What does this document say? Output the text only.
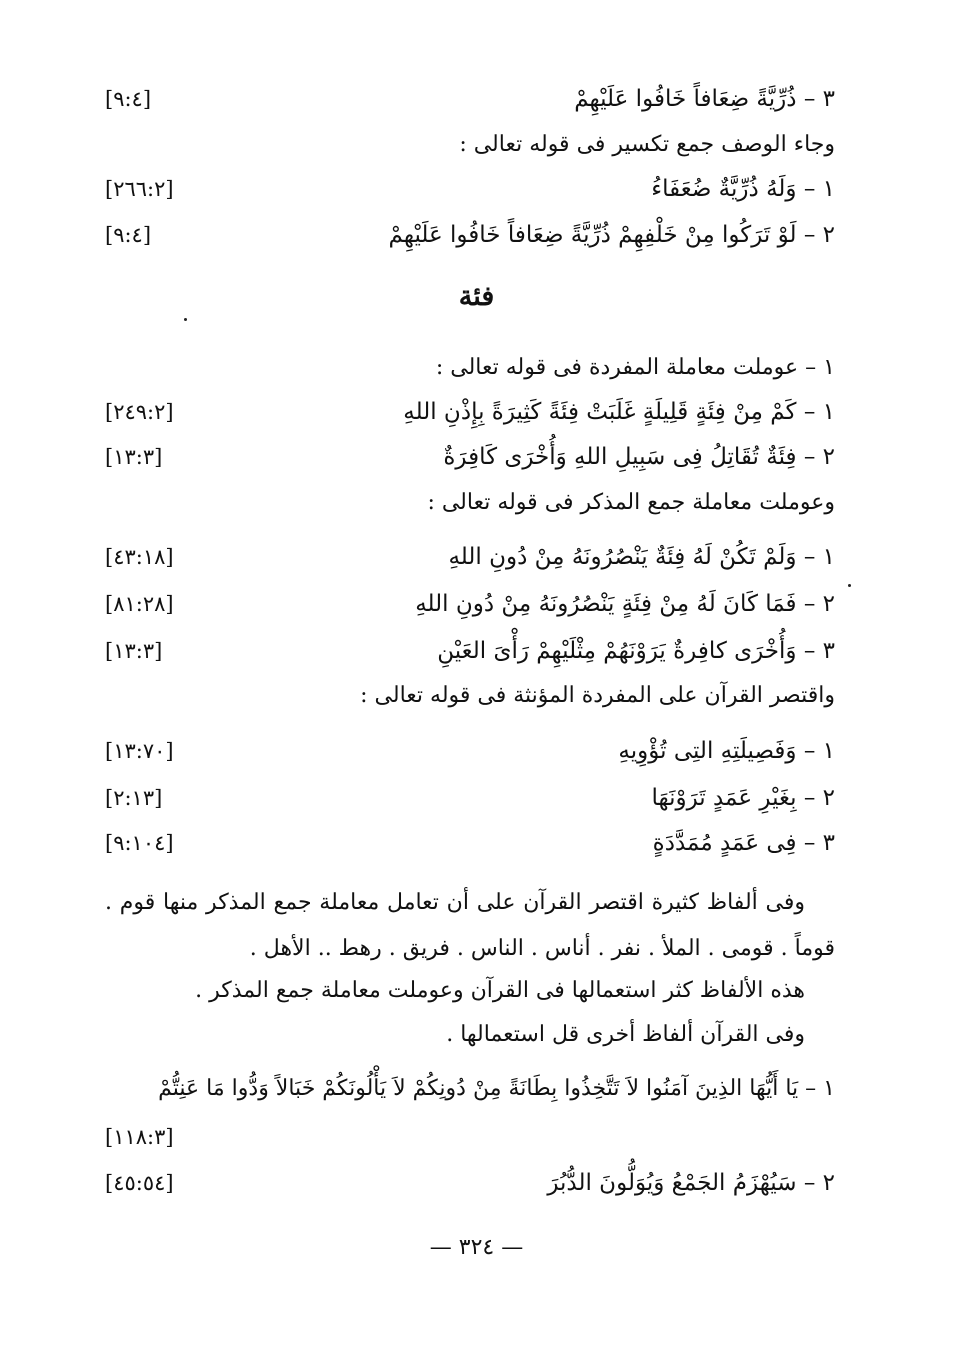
٣ – ذُرِّيَّةً ضِعَافاً خَافُوا عَلَيْهِمْ
[٩:٤]
وجاء الوصف جمع تكسير فى قوله تعالى :
١ – وَلَهُ ذُرِّيَّةٌ ضُعَفَاءُ
[٢٦٦:٢]
٢ – لَوْ تَرَكُوا مِنْ خَلْفِهِمْ ذُرِّيَّةً ضِعَافاً خَافُوا عَلَيْهِمْ
[٩:٤]
فئة
١ – عوملت معاملة المفردة فى قوله تعالى :
١ – كَمْ مِنْ فِئَةٍ قَلِيلَةٍ غَلَبَتْ فِئَةً كَثِيرَةً بِإِذْنِ اللهِ
[٢٤٩:٢]
٢ – فِئَةٌ تُقَاتِلُ فِى سَبِيلِ اللهِ وَأُخْرَى كَافِرَةٌ
[١٣:٣]
وعوملت معاملة جمع المذكر فى قوله تعالى :
١ – وَلَمْ تَكُنْ لَهُ فِئَةٌ يَنْصُرُونَهُ مِنْ دُونِ اللهِ
[٤٣:١٨]
٢ – فَمَا كَانَ لَهُ مِنْ فِئَةٍ يَنْصُرُونَهُ مِنْ دُونِ اللهِ
[٨١:٢٨]
٣ – وَأُخْرَى كافِرةٌ يَرَوْنَهُمْ مِثْلَيْهِمْ رَأْىَ العَيْنِ
[١٣:٣]
واقتصر القرآن على المفردة المؤنثة فى قوله تعالى :
١ – وَفَصِيلَتِهِ التِى تُؤْوِيهِ
[١٣:٧٠]
٢ – بِغَيْرِ عَمَدٍ تَرَوْنَهَا
[٢:١٣]
٣ – فِى عَمَدٍ مُمَدَّدَةٍ
[٩:١٠٤]
وفى ألفاظ كثيرة اقتصر القرآن على أن تعامل معاملة جمع المذكر منها قوم . قوماً . قومى . الملأ . نفر . أناس . الناس . فريق . رهط .. الأهل .
هذه الألفاظ كثر استعمالها فى القرآن وعوملت معاملة جمع المذكر .
وفى القرآن ألفاظ أخرى قل استعمالها .
١ – يَا أَيُّهَا الذِينَ آمَنُوا لاَ تَتَّخِذُوا بِطَانَةً مِنْ دُونِكُمْ لاَ يَأْلُونَكُمْ خَبَالاً وَدُّوا مَا عَنِتُّمْ
[١١٨:٣]
٢ – سَيُهْزَمُ الجَمْعُ وَيُوَلُّونَ الدُّبُرَ
[٤٥:٥٤]
— ٣٢٤ —
